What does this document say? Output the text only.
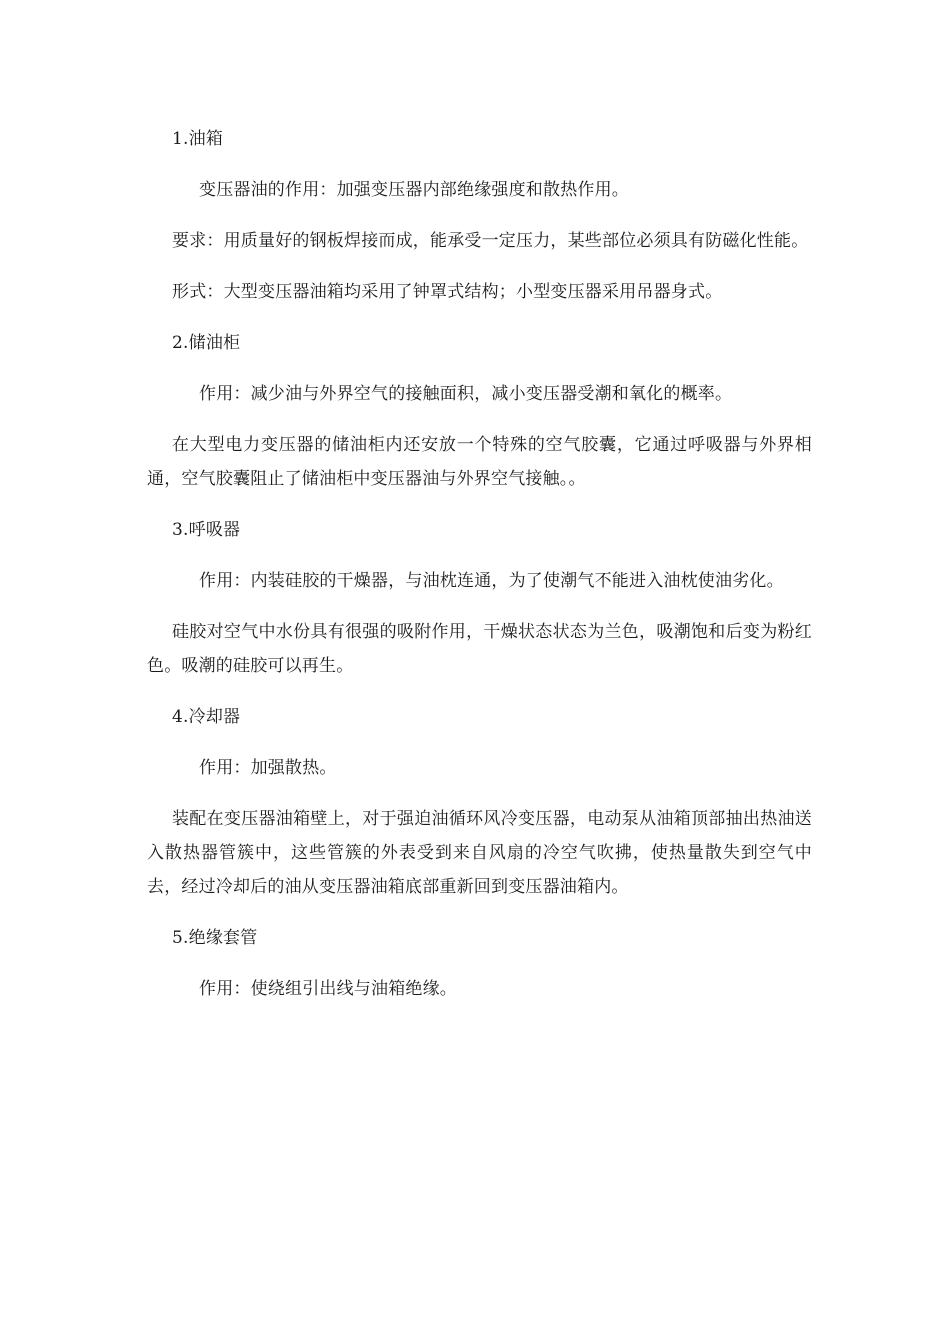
1.油箱
变压器油的作用：加强变压器内部绝缘强度和散热作用。
要求：用质量好的钢板焊接而成，能承受一定压力，某些部位必须具有防磁化性能。
形式：大型变压器油箱均采用了钟罩式结构；小型变压器采用吊器身式。
2.储油柜
作用：减少油与外界空气的接触面积，减小变压器受潮和氧化的概率。
在大型电力变压器的储油柜内还安放一个特殊的空气胶囊，它通过呼吸器与外界相通，空气胶囊阻止了储油柜中变压器油与外界空气接触。。
3.呼吸器
作用：内装硅胶的干燥器，与油枕连通，为了使潮气不能进入油枕使油劣化。
硅胶对空气中水份具有很强的吸附作用，干燥状态状态为兰色，吸潮饱和后变为粉红色。吸潮的硅胶可以再生。
4.冷却器
作用：加强散热。
装配在变压器油箱壁上，对于强迫油循环风冷变压器，电动泵从油箱顶部抽出热油送入散热器管簇中，这些管簇的外表受到来自风扇的冷空气吹拂，使热量散失到空气中去，经过冷却后的油从变压器油箱底部重新回到变压器油箱内。
5.绝缘套管
作用：使绕组引出线与油箱绝缘。
